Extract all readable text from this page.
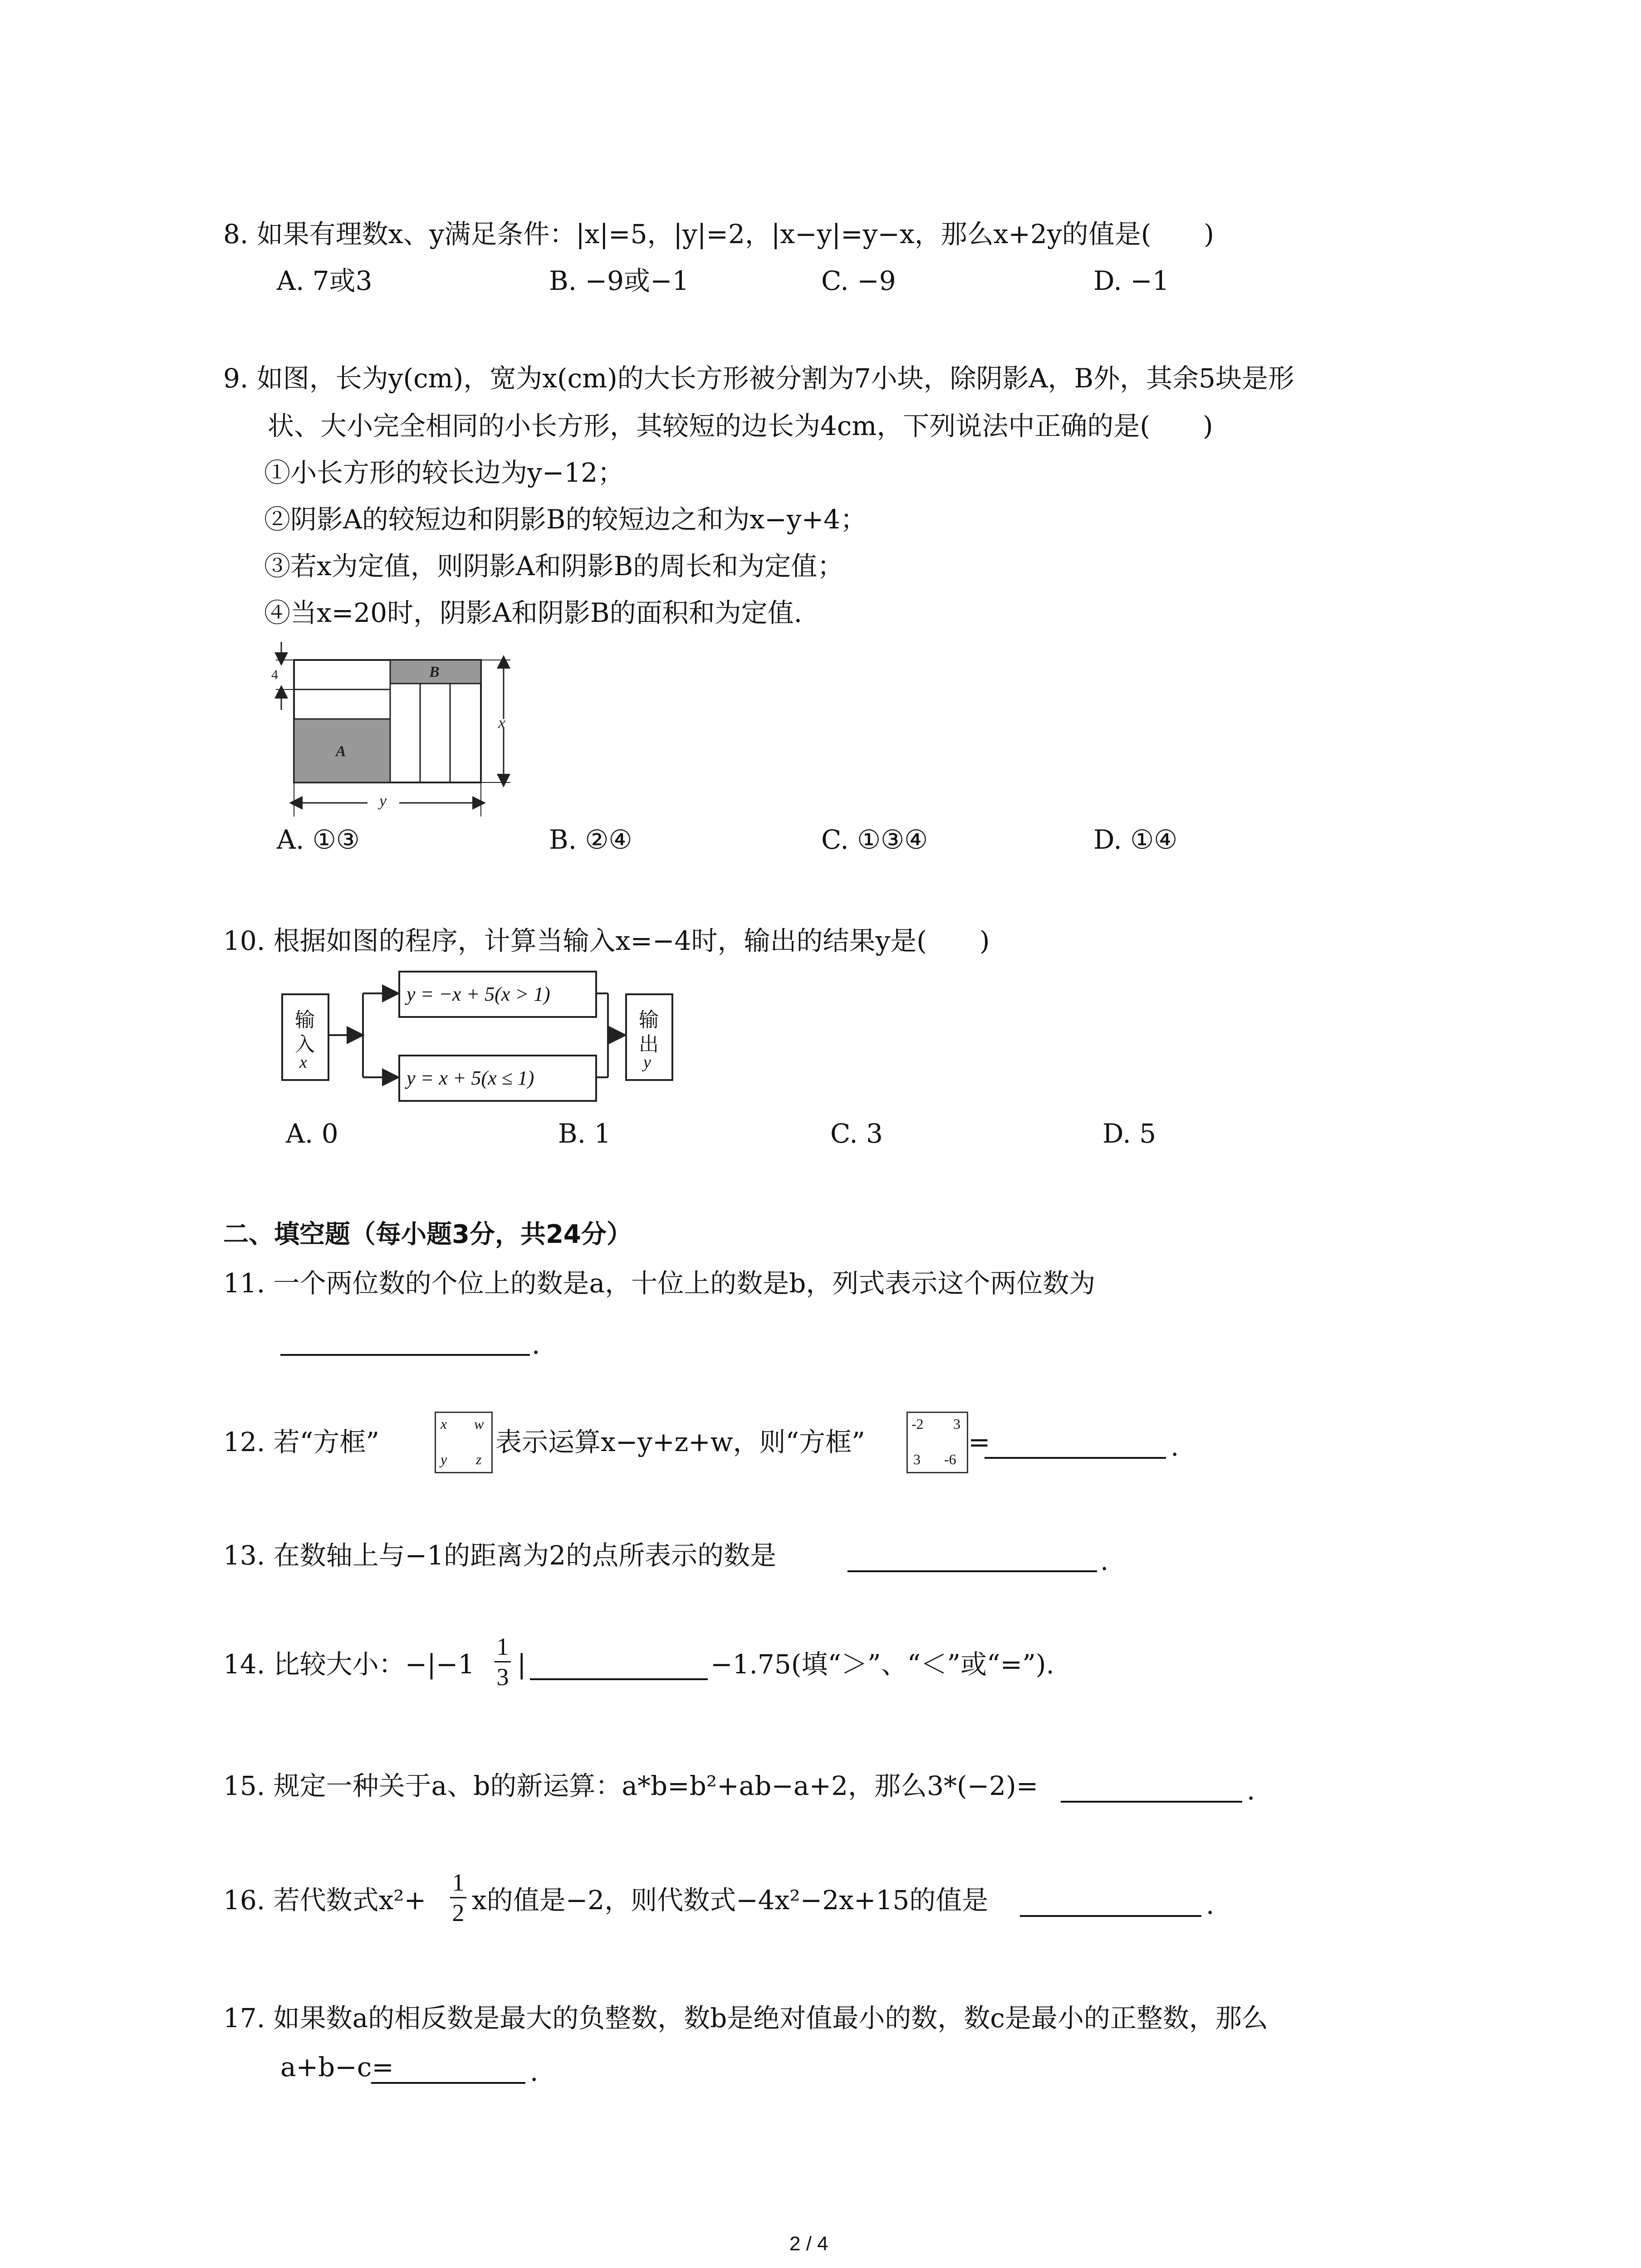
8. 如果有理数x、y满足条件：|x|=5，|y|=2，|x−y|=y−x，那么x+2y的值是(　　)
A. 7或3	B. −9或−1	C. −9	D. −1
9. 如图，长为y(cm)，宽为x(cm)的大长方形被分割为7小块，除阴影A，B外，其余5块是形
状、大小完全相同的小长方形，其较短的边长为4cm，下列说法中正确的是(　　)
①小长方形的较长边为y−12；
②阴影A的较短边和阴影B的较短边之和为x−y+4；
③若x为定值，则阴影A和阴影B的周长和为定值；
④当x=20时，阴影A和阴影B的面积和为定值.
4
A
B
x
y
A. ①③	B. ②④	C. ①③④	D. ①④
10. 根据如图的程序，计算当输入x=−4时，输出的结果y是(　　)
输
入
x
y = −x + 5(x > 1)
y = x + 5(x ≤ 1)
输
出
y
A. 0	B. 1	C. 3	D. 5
二、填空题（每小题3分，共24分）
11. 一个两位数的个位上的数是a，十位上的数是b，列式表示这个两位数为
.
12. 若“方框”
x w
y z
表示运算x−y+z+w，则“方框”
-2 3
3 -6
=	.
13. 在数轴上与−1的距离为2的点所表示的数是	.
14. 比较大小：−|−1
1
3 |	−1.75(填“＞”、“＜”或“=”).
15. 规定一种关于a、b的新运算：a*b=b²+ab−a+2，那么3*(−2)=	.
16. 若代数式x²+
1
2 x的值是−2，则代数式−4x²−2x+15的值是	.
17. 如果数a的相反数是最大的负整数，数b是绝对值最小的数，数c是最小的正整数，那么
a+b−c=	.
2 / 4
